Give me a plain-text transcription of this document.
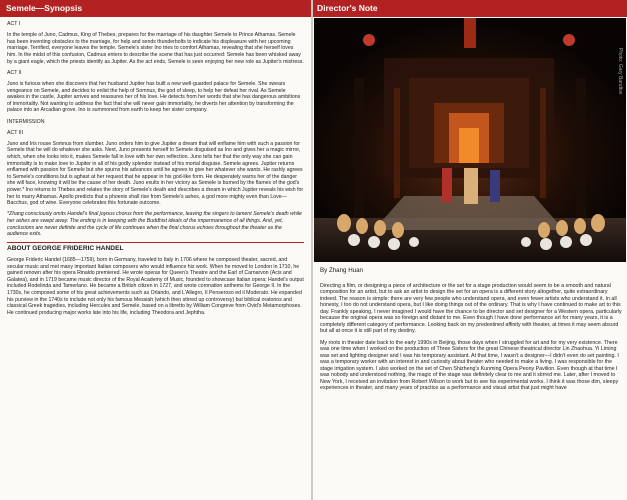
Semele—Synopsis

ACT I

In the temple of Juno, Cadmus, King of Thebes, prepares for the marriage of his daughter Semele to Prince Athamas. Semele has been inventing obstacles to the marriage, for help and sends thunderbolts to indicate his displeasure with her upcoming marriage. Terrified, everyone leaves the temple. Semele's sister Ino tries to comfort Athamas, revealing that she herself loves him. In the midst of this confusion, Cadmus enters to describe the scene that has just occurred: Semele has been whisked away by a giant eagle, which the priests identify as Jupiter. As the act ends, Semele is seen enjoying her new role as Jupiter's mistress.

ACT II

Juno is furious when she discovers that her husband Jupiter has built a new well-guarded palace for Semele. She swears vengeance on Semele, and decides to enlist the help of Somnus, the god of sleep, to help her defeat her rival. As Semele awakes in the castle, Jupiter arrives and reassures her of his love. He detects from her words that she has dangerous ambitions of immortality. Not wanting to address the fact that she will never gain immortality, he diverts her attention by transforming the palace into an Arcadian grove. Ino is summoned from earth to keep her sister company.

INTERMISSION

ACT III

Juno and Iris rouse Somnus from slumber. Juno orders him to give Jupiter a dream that will enflame him with such a passion for Semele that he will do whatever she asks. Next, Juno presents herself to Semele disguised as Ino and gives her a magic mirror, which, when she looks into it, makes Semele fall in love with her own reflection. Juno tells her that the only way she can gain immortality is to make love to Jupiter in all of his godly splendor instead of his mortal disguise. Semele agrees. Jupiter returns enflamed with passion for Semele but she spurns his advances until he agrees to give her whatever she wants. He rashly agrees to Semele's conditions but is aghast at her request that he appear in his god-like form. He desperately warns her of the danger she will face, knowing it will be the cause of her death. Juno exults in her victory as Semele is burned by the flames of the god's power.* Ino returns to Thebes and relates the story of Semele's death and describes a dream in which Jupiter reveals his wish for her to marry Athamas. Apollo predicts that a phoenix shall rise from Semele's ashes, a god more mighty even than Love—Bacchus, god of wine. Everyone celebrates this fortunate outcome.

*Zhang consciously omits Handel's final joyous chorus from the performance, leaving the singers to lament Semele's death while her ashes are swept away. The ending is in keeping with the Buddhist ideals of the impermanence of all things. And, yet, conclusions are never definite and the cycle of life continues when the final chorus echoes throughout the theater as the audience exits.

ABOUT GEORGE FRIDERIC HANDEL

George Frideric Handel (1685—1759), born in Germany, traveled to Italy in 1706 where he composed theater, sacred, and secular music and met many important Italian composers who would influence his work. When he moved to London in 1710, he gained renown after his opera Rinaldo premiered. He wrote operas for Queen's Theatre and the Earl of Carnarvon (Acis and Galatea), and in 1719 became music director of the Royal Academy of Music, founded to showcase Italian opera; Handel's output included Rodelinda and Tamerlano. He became a British citizen in 1727, and wrote coronation anthems for George II. In the 1730s, he composed some of his great achievements such as Orlando, and L'Allegro, Il Penseroso ed il Moderato. He expanded his purview in the 1740s to include not only his famous Messiah (which then stirred up controversy) but biblical oratorios and classical Greek tragedies, including Hercules and Semele, based on a libretto by William Congreve from Ovid's Metamorphoses. He continued producing major works late into his life, including Theodora and Jephtha.

Director's Note
Photo: Gary Bandtov
By Zhang Huan

Directing a film, or designing a piece of architecture or the set for a stage production would seem to be a smooth and natural composition for an artist, but to ask an artist to design the set for an opera is a different story altogether, quite extraordinary indeed. The reason is simple: there are very few people who understand opera, and even fewer artists who understand it. In all honesty, I too do not understand opera, but I like doing things out of the ordinary. That is why I have continued to make art to this day. Frankly speaking, I never imagined I would have the chance to be director and set designer for a Western opera, particularly because the original opera was so foreign and distant to me. Even though I have done performance art for many years, it is a completely different category of performance. Looking back on my predestined affinity with theater, at times it may seem absurd but all at once it is still part of my destiny.

My roots in theater date back to the early 1990s in Beijing, those days when I struggled for art and for my very existence. There was one time when I worked on the production of Three Sisters for the great Chinese theatrical director Lin Zhaohua. Yi Liming was set and lighting designer and I was his temporary assistant. At that time, I wasn't a designer—I didn't even do set painting. I was a temporary worker with an interest in and curiosity about theater who needed to make a living. I was responsible for the stage irrigation system. I also worked on the set of Chen Shizheng's Kunming Opera Peony Pavilion. Even though at that time I was nobody and understood nothing, the magic of the stage was definitely clear to me and it stirred me. Later, after I moved to New York, I received an invitation from Robert Wilson to work but to see his experimental works. I think it was those dim, sleepy experiences in theater, and many years of practice as a performance and visual artist that just might have
